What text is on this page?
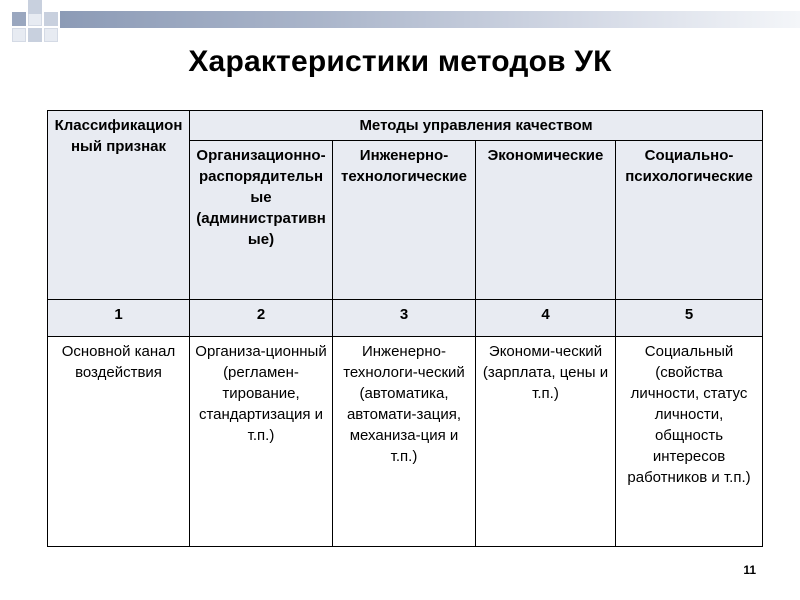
Характеристики методов УК
Классификационный признак	Методы управления качеством			
	Организационно-распорядительные (административные)	Инженерно-технологические	Экономические	Социально-психологические
1	2	3	4	5
Основной канал воздействия	Организа-ционный (регламен-тирование, стандартизация и т.п.)	Инженерно-технологи-ческий (автоматика, автомати-зация, механиза-ция и т.п.)	Экономи-ческий (зарплата, цены и т.п.)	Социальный (свойства личности, статус личности, общность интересов работников и т.п.)
11
